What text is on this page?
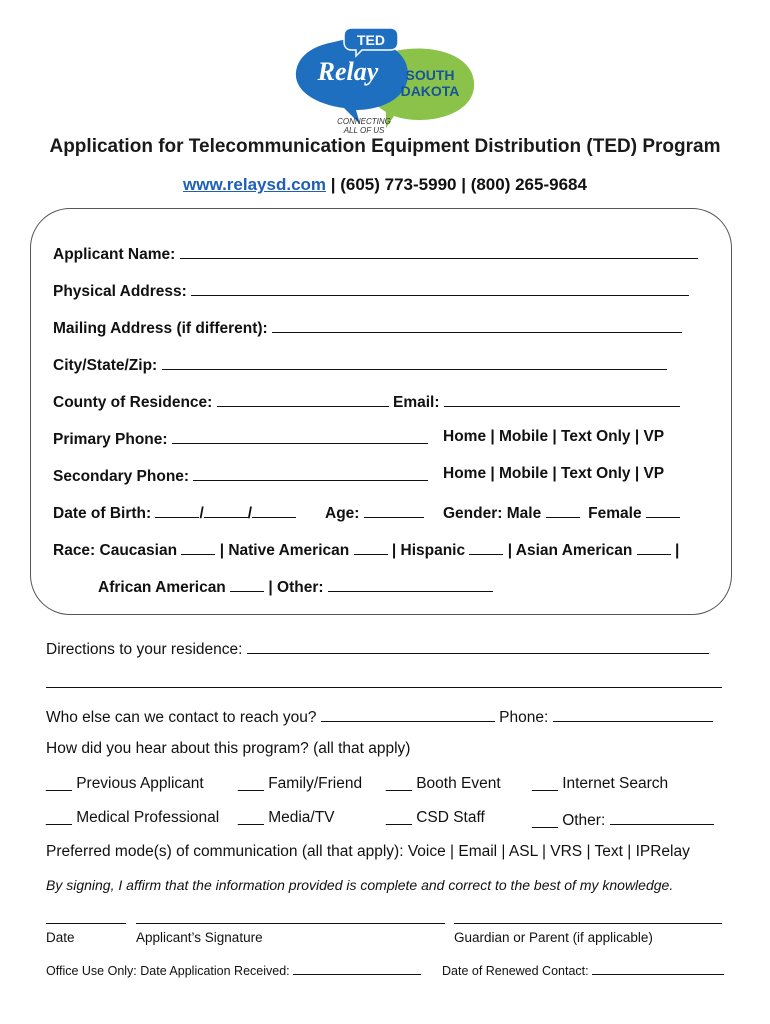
TED
Relay SOUTH
DAKOTA
CONNECTING
ALL OF US
Application for Telecommunication Equipment Distribution (TED) Program
www.relaysd.com | (605) 773-5990 | (800) 265-9684
Applicant Name:
Physical Address:
Mailing Address (if different):
City/State/Zip:
County of Residence:	Email:
Primary Phone:	Home | Mobile | Text Only | VP
Secondary Phone:	Home | Mobile | Text Only | VP
Date of Birth:	/	/	Age:	Gender: Male	Female
Race: Caucasian	| Native American	| Hispanic	| Asian American	|
African American	| Other:
Directions to your residence:
Who else can we contact to reach you?	Phone:
How did you hear about this program? (all that apply)
___ Previous Applicant ___ Family/Friend ___ Booth Event ___ Internet Search
___ Medical Professional ___ Media/TV	___ CSD Staff	___ Other:
Preferred mode(s) of communication (all that apply): Voice | Email | ASL | VRS | Text | IPRelay
By signing, I affirm that the information provided is complete and correct to the best of my knowledge.
Date	Applicant’s Signature	Guardian or Parent (if applicable)
Office Use Only: Date Application Received:	Date of Renewed Contact:
